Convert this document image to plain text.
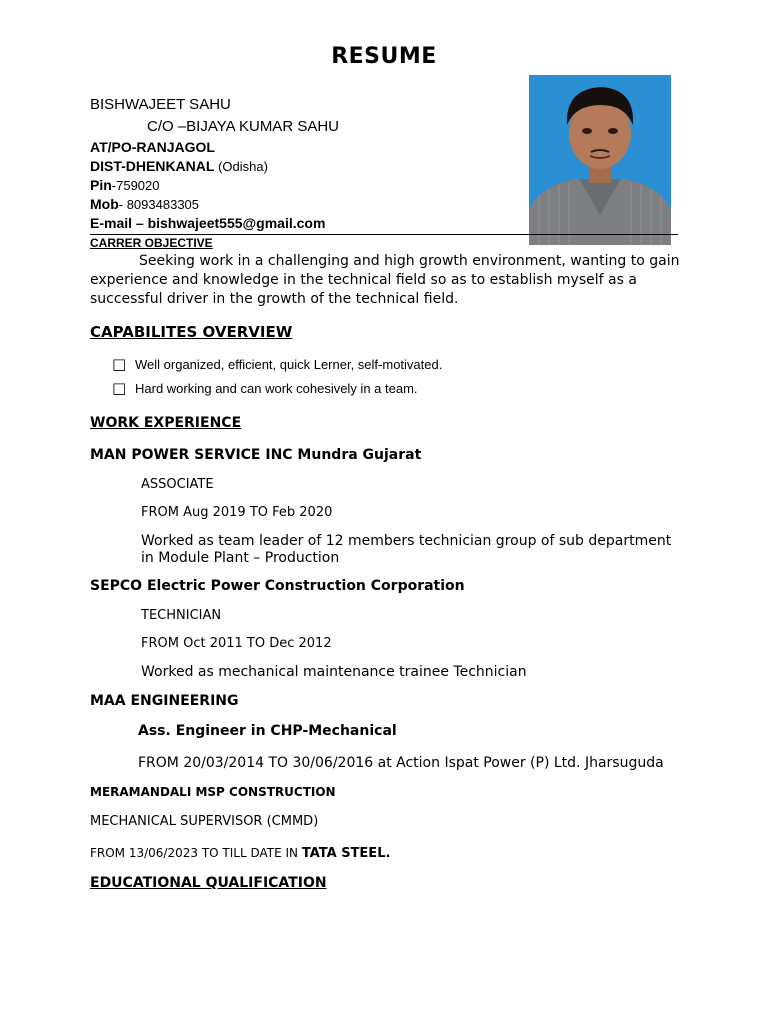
RESUME
BISHWAJEET SAHU
C/O –BIJAYA KUMAR SAHU
AT/PO-RANJAGOL
DIST-DHENKANAL (Odisha)
Pin-759020
Mob- 8093483305
E-mail – bishwajeet555@gmail.com
CARRER OBJECTIVE
Seeking work in a challenging and high growth environment, wanting to gain
experience and knowledge in the technical field so as to establish myself as a
successful driver in the growth of the technical field.
CAPABILITES OVERVIEW
□ Well organized, efficient, quick Lerner, self-motivated.
□ Hard working and can work cohesively in a team.
WORK EXPERIENCE
MAN POWER SERVICE INC Mundra Gujarat
ASSOCIATE
FROM Aug 2019 TO Feb 2020
Worked as team leader of 12 members technician group of sub department
in Module Plant – Production
SEPCO Electric Power Construction Corporation
TECHNICIAN
FROM Oct 2011 TO Dec 2012
Worked as mechanical maintenance trainee Technician
MAA ENGINEERING
Ass. Engineer in CHP-Mechanical
FROM 20/03/2014 TO 30/06/2016 at Action Ispat Power (P) Ltd. Jharsuguda
MERAMANDALI MSP CONSTRUCTION
MECHANICAL SUPERVISOR (CMMD)
FROM 13/06/2023 TO TILL DATE IN TATA STEEL.
EDUCATIONAL QUALIFICATION
